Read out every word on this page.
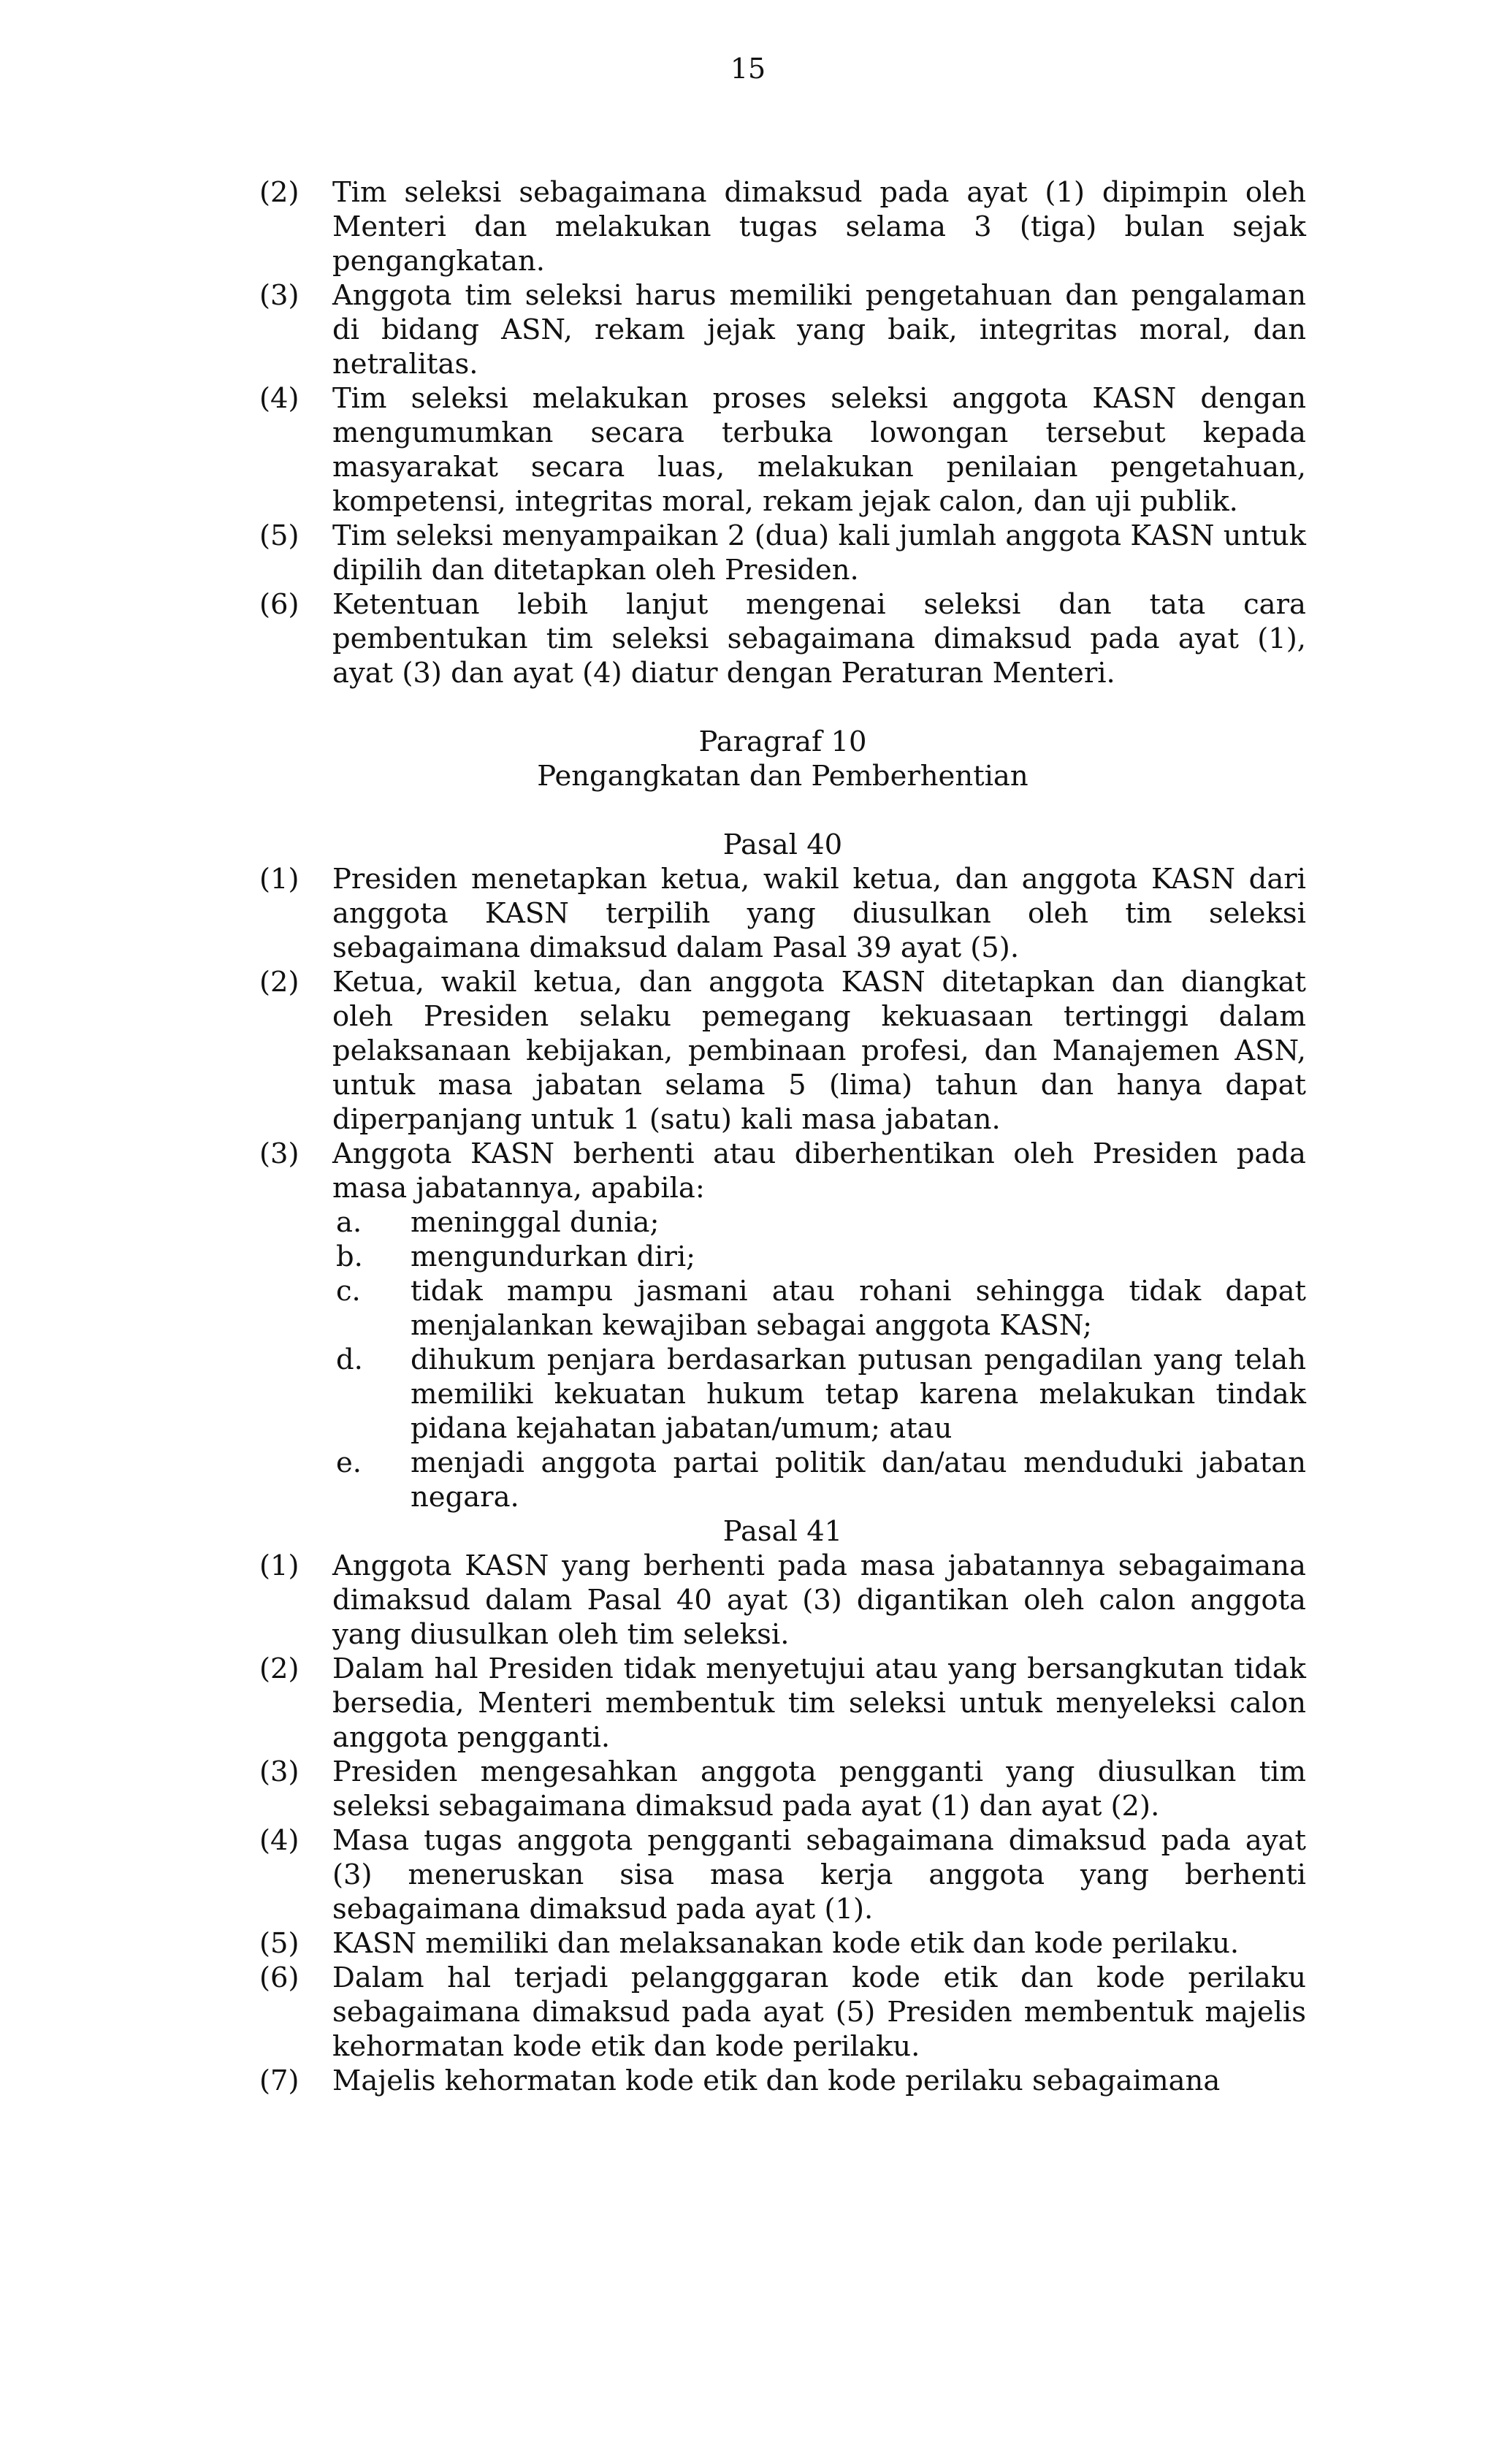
15
(2) Tim seleksi sebagaimana dimaksud pada ayat (1) dipimpin oleh Menteri dan melakukan tugas selama 3 (tiga) bulan sejak pengangkatan.
(3) Anggota tim seleksi harus memiliki pengetahuan dan pengalaman di bidang ASN, rekam jejak yang baik, integritas moral, dan netralitas.
(4) Tim seleksi melakukan proses seleksi anggota KASN dengan mengumumkan secara terbuka lowongan tersebut kepada masyarakat secara luas, melakukan penilaian pengetahuan, kompetensi, integritas moral, rekam jejak calon, dan uji publik.
(5) Tim seleksi menyampaikan 2 (dua) kali jumlah anggota KASN untuk dipilih dan ditetapkan oleh Presiden.
(6) Ketentuan lebih lanjut mengenai seleksi dan tata cara pembentukan tim seleksi sebagaimana dimaksud pada ayat (1), ayat (3) dan ayat (4) diatur dengan Peraturan Menteri.
Paragraf 10
Pengangkatan dan Pemberhentian
Pasal 40
(1) Presiden menetapkan ketua, wakil ketua, dan anggota KASN dari anggota KASN terpilih yang diusulkan oleh tim seleksi sebagaimana dimaksud dalam Pasal 39 ayat (5).
(2) Ketua, wakil ketua, dan anggota KASN ditetapkan dan diangkat oleh Presiden selaku pemegang kekuasaan tertinggi dalam pelaksanaan kebijakan, pembinaan profesi, dan Manajemen ASN, untuk masa jabatan selama 5 (lima) tahun dan hanya dapat diperpanjang untuk 1 (satu) kali masa jabatan.
(3) Anggota KASN berhenti atau diberhentikan oleh Presiden pada masa jabatannya, apabila:
a. meninggal dunia;
b. mengundurkan diri;
c. tidak mampu jasmani atau rohani sehingga tidak dapat menjalankan kewajiban sebagai anggota KASN;
d. dihukum penjara berdasarkan putusan pengadilan yang telah memiliki kekuatan hukum tetap karena melakukan tindak pidana kejahatan jabatan/umum; atau
e. menjadi anggota partai politik dan/atau menduduki jabatan negara.
Pasal 41
(1) Anggota KASN yang berhenti pada masa jabatannya sebagaimana dimaksud dalam Pasal 40 ayat (3) digantikan oleh calon anggota yang diusulkan oleh tim seleksi.
(2) Dalam hal Presiden tidak menyetujui atau yang bersangkutan tidak bersedia, Menteri membentuk tim seleksi untuk menyeleksi calon anggota pengganti.
(3) Presiden mengesahkan anggota pengganti yang diusulkan tim seleksi sebagaimana dimaksud pada ayat (1) dan ayat (2).
(4) Masa tugas anggota pengganti sebagaimana dimaksud pada ayat (3) meneruskan sisa masa kerja anggota yang berhenti sebagaimana dimaksud pada ayat (1).
(5) KASN memiliki dan melaksanakan kode etik dan kode perilaku.
(6) Dalam hal terjadi pelangggaran kode etik dan kode perilaku sebagaimana dimaksud pada ayat (5) Presiden membentuk majelis kehormatan kode etik dan kode perilaku.
(7) Majelis kehormatan kode etik dan kode perilaku sebagaimana
